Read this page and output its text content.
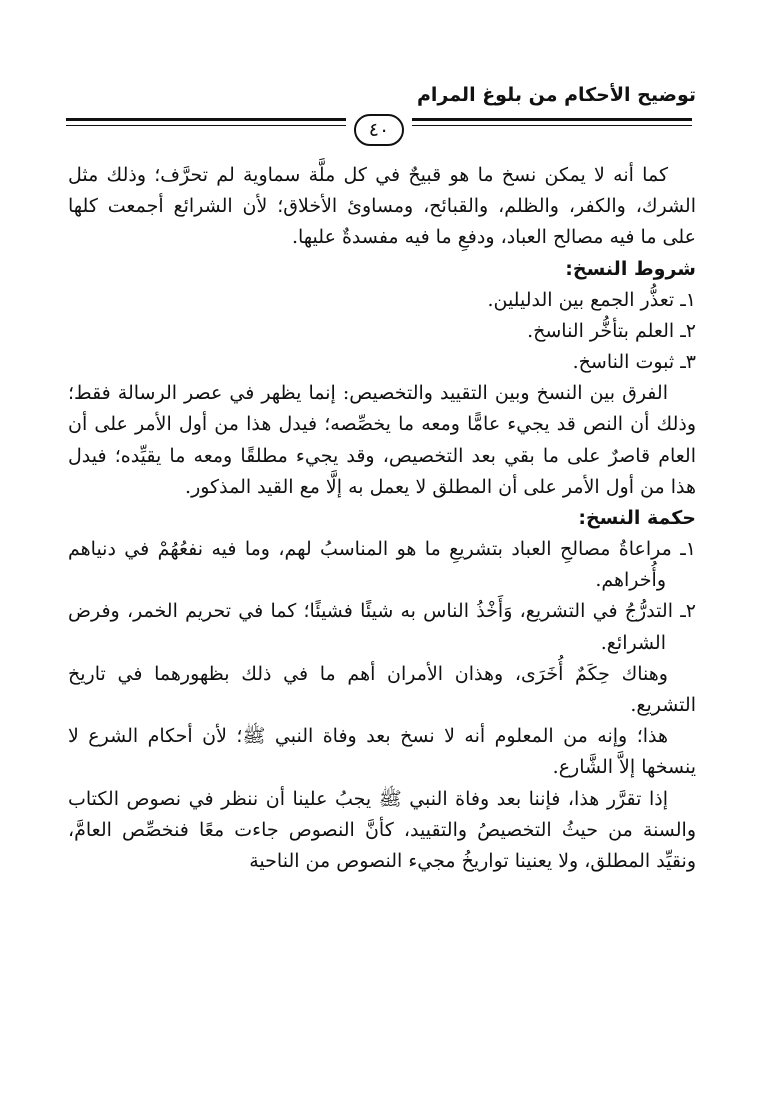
توضيح الأحكام من بلوغ المرام
٤٠

كما أنه لا يمكن نسخ ما هو قبيحٌ في كل ملَّة سماوية لم تحرَّف؛ وذلك مثل الشرك، والكفر، والظلم، والقبائح، ومساوئ الأخلاق؛ لأن الشرائع أجمعت كلها على ما فيه مصالح العباد، ودفعِ ما فيه مفسدةٌ عليها.

شروط النسخ:

١ـ تعذُّر الجمع بين الدليلين.

٢ـ العلم بتأخُّر الناسخ.

٣ـ ثبوت الناسخ.

الفرق بين النسخ وبين التقييد والتخصيص: إنما يظهر في عصر الرسالة فقط؛ وذلك أن النص قد يجيء عامًّا ومعه ما يخصِّصه؛ فيدل هذا من أول الأمر على أن العام قاصرٌ على ما بقي بعد التخصيص، وقد يجيء مطلقًا ومعه ما يقيِّده؛ فيدل هذا من أول الأمر على أن المطلق لا يعمل به إلَّا مع القيد المذكور.

حكمة النسخ:

١ـ مراعاةُ مصالحِ العباد بتشريعِ ما هو المناسبُ لهم، وما فيه نفعُهُمْ في دنياهم وأُخراهم.

٢ـ التدرُّجُ في التشريع، وَأَخْذُ الناس به شيئًا فشيئًا؛ كما في تحريم الخمر، وفرض الشرائع.

وهناك حِكَمٌ أُخَرَى، وهذان الأمران أهم ما في ذلك بظهورهما في تاريخ التشريع.

هذا؛ وإنه من المعلوم أنه لا نسخ بعد وفاة النبي ﷺ؛ لأن أحكام الشرع لا ينسخها إلاَّ الشَّارع.

إذا تقرَّر هذا، فإننا بعد وفاة النبي ﷺ يجبُ علينا أن ننظر في نصوص الكتاب والسنة من حيثُ التخصيصُ والتقييد، كأنَّ النصوص جاءت معًا فنخصِّص العامَّ، ونقيِّد المطلق، ولا يعنينا تواريخُ مجيء النصوص من الناحية
